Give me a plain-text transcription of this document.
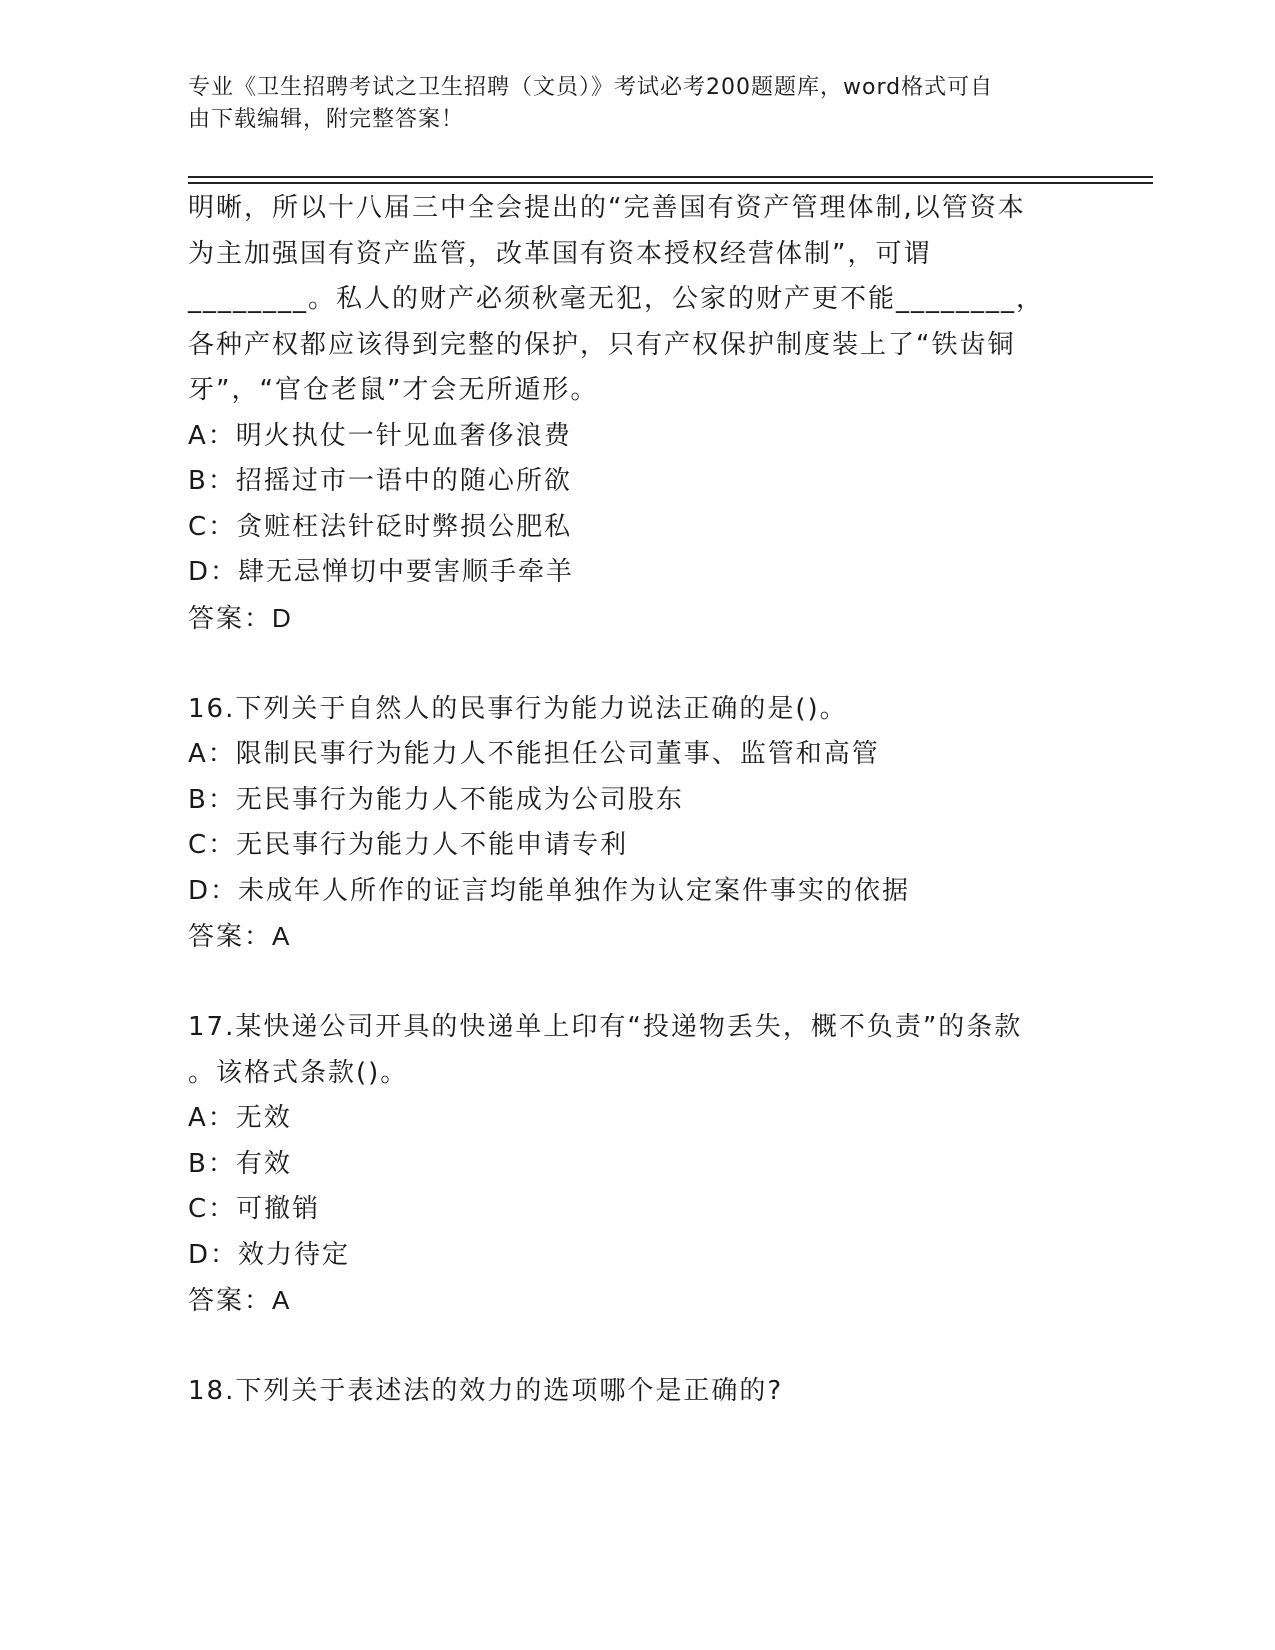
专业《卫生招聘考试之卫生招聘（文员）》考试必考200题题库，word格式可自
由下载编辑，附完整答案！
明晰，所以十八届三中全会提出的“完善国有资产管理体制,以管资本
为主加强国有资产监管，改革国有资本授权经营体制”，可谓
________。私人的财产必须秋毫无犯，公家的财产更不能________，
各种产权都应该得到完整的保护，只有产权保护制度装上了“铁齿铜
牙”，“官仓老鼠”才会无所遁形。
A：明火执仗一针见血奢侈浪费
B：招摇过市一语中的随心所欲
C：贪赃枉法针砭时弊损公肥私
D：肆无忌惮切中要害顺手牵羊
答案：D
16.下列关于自然人的民事行为能力说法正确的是()。
A：限制民事行为能力人不能担任公司董事、监管和高管
B：无民事行为能力人不能成为公司股东
C：无民事行为能力人不能申请专利
D：未成年人所作的证言均能单独作为认定案件事实的依据
答案：A
17.某快递公司开具的快递单上印有“投递物丢失，概不负责”的条款
。该格式条款()。
A：无效
B：有效
C：可撤销
D：效力待定
答案：A
18.下列关于表述法的效力的选项哪个是正确的?
